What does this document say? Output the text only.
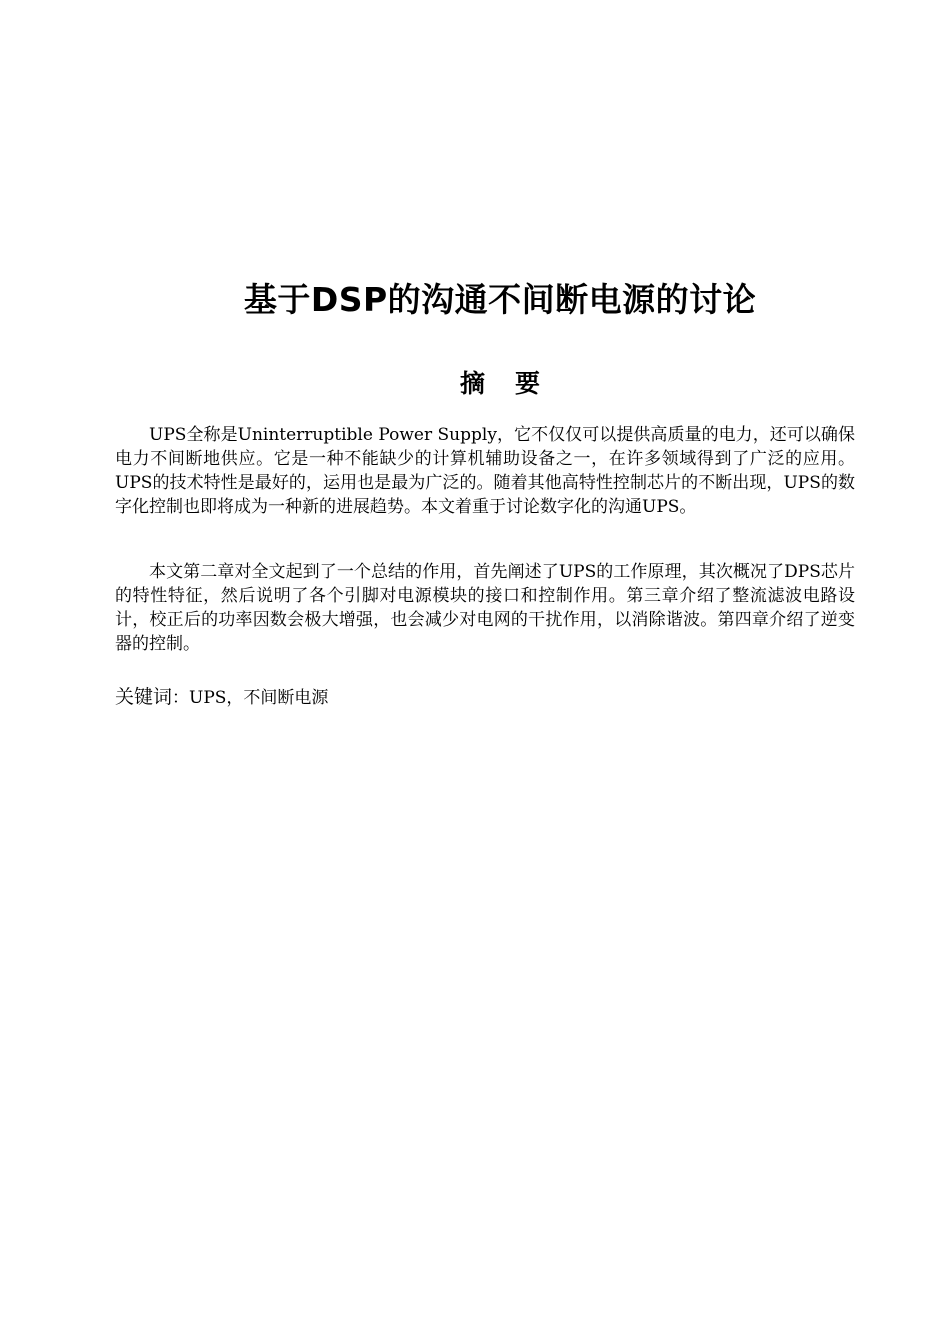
基于DSP的沟通不间断电源的讨论
摘 要

UPS全称是Uninterruptible Power Supply，它不仅仅可以提供高质量的电力，还可以确保电力不间断地供应。它是一种不能缺少的计算机辅助设备之一，在许多领域得到了广泛的应用。UPS的技术特性是最好的，运用也是最为广泛的。随着其他高特性控制芯片的不断出现，UPS的数字化控制也即将成为一种新的进展趋势。本文着重于讨论数字化的沟通UPS。

本文第二章对全文起到了一个总结的作用，首先阐述了UPS的工作原理，其次概况了DPS芯片的特性特征，然后说明了各个引脚对电源模块的接口和控制作用。第三章介绍了整流滤波电路设计，校正后的功率因数会极大增强，也会减少对电网的干扰作用，以消除谐波。第四章介绍了逆变器的控制。

关键词：UPS，不间断电源
